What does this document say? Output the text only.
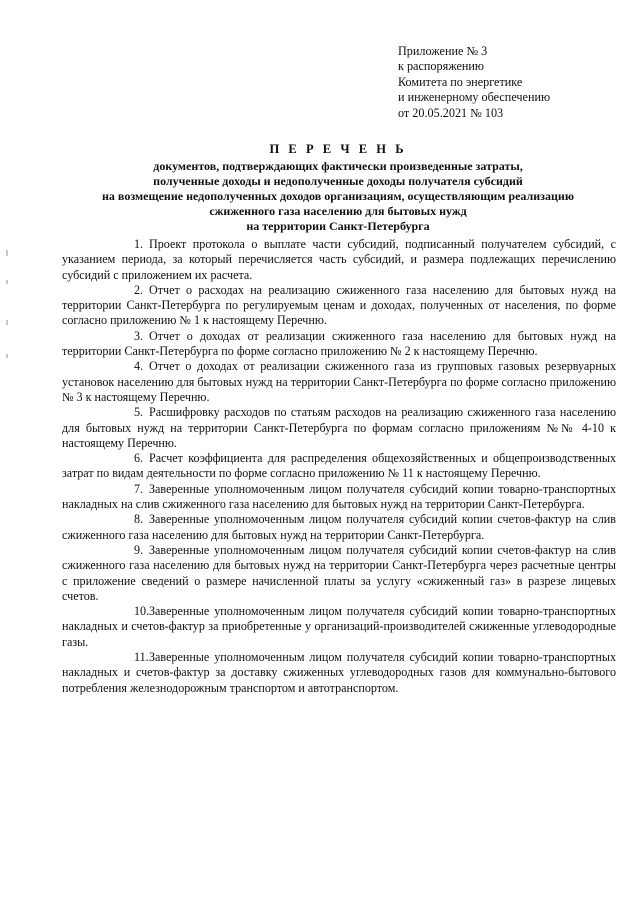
Приложение № 3
к распоряжению
Комитета по энергетике
и инженерному обеспечению
от 20.05.2021 № 103
П Е Р Е Ч Е Н Ь
документов, подтверждающих фактически произведенные затраты,
полученные доходы и недополученные доходы получателя субсидий
на возмещение недополученных доходов организациям, осуществляющим реализацию
сжиженного газа населению для бытовых нужд
на территории Санкт-Петербурга

1. Проект протокола о выплате части субсидий, подписанный получателем субсидий, с указанием периода, за который перечисляется часть субсидий, и размера подлежащих перечислению субсидий с приложением их расчета.

2. Отчет о расходах на реализацию сжиженного газа населению для бытовых нужд на территории Санкт-Петербурга по регулируемым ценам и доходах, полученных от населения, по форме согласно приложению № 1 к настоящему Перечню.

3. Отчет о доходах от реализации сжиженного газа населению для бытовых нужд на территории Санкт-Петербурга по форме согласно приложению № 2 к настоящему Перечню.

4. Отчет о доходах от реализации сжиженного газа из групповых газовых резервуарных установок населению для бытовых нужд на территории Санкт-Петербурга по форме согласно приложению № 3 к настоящему Перечню.

5. Расшифровку расходов по статьям расходов на реализацию сжиженного газа населению для бытовых нужд на территории Санкт-Петербурга по формам согласно приложениям №№ 4-10 к настоящему Перечню.

6. Расчет коэффициента для распределения общехозяйственных и общепроизводственных затрат по видам деятельности по форме согласно приложению № 11 к настоящему Перечню.

7. Заверенные уполномоченным лицом получателя субсидий копии товарно-транспортных накладных на слив сжиженного газа населению для бытовых нужд на территории Санкт-Петербурга.

8. Заверенные уполномоченным лицом получателя субсидий копии счетов-фактур на слив сжиженного газа населению для бытовых нужд на территории Санкт-Петербурга.

9. Заверенные уполномоченным лицом получателя субсидий копии счетов-фактур на слив сжиженного газа населению для бытовых нужд на территории Санкт-Петербурга через расчетные центры с приложение сведений о размере начисленной платы за услугу «сжиженный газ» в разрезе лицевых счетов.

10.Заверенные уполномоченным лицом получателя субсидий копии товарно-транспортных накладных и счетов-фактур за приобретенные у организаций-производителей сжиженные углеводородные газы.

11.Заверенные уполномоченным лицом получателя субсидий копии товарно-транспортных накладных и счетов-фактур за доставку сжиженных углеводородных газов для коммунально-бытового потребления железнодорожным транспортом и автотранспортом.
